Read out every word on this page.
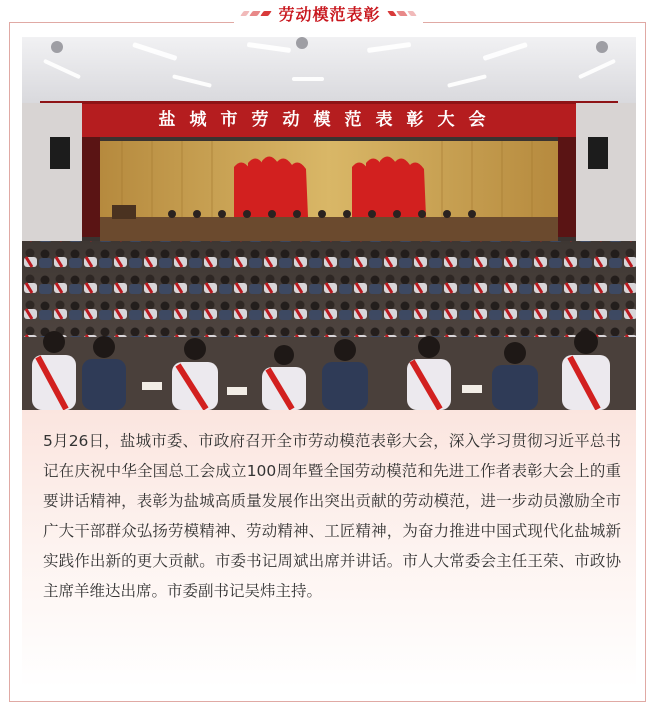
劳动模范表彰
盐城市劳动模范表彰大会

5月26日，盐城市委、市政府召开全市劳动模范表彰大会，深入学习贯彻习近平总书记在庆祝中华全国总工会成立100周年暨全国劳动模范和先进工作者表彰大会上的重要讲话精神，表彰为盐城高质量发展作出突出贡献的劳动模范，进一步动员激励全市广大干部群众弘扬劳模精神、劳动精神、工匠精神，为奋力推进中国式现代化盐城新实践作出新的更大贡献。市委书记周斌出席并讲话。市人大常委会主任王荣、市政协主席羊维达出席。市委副书记吴炜主持。
